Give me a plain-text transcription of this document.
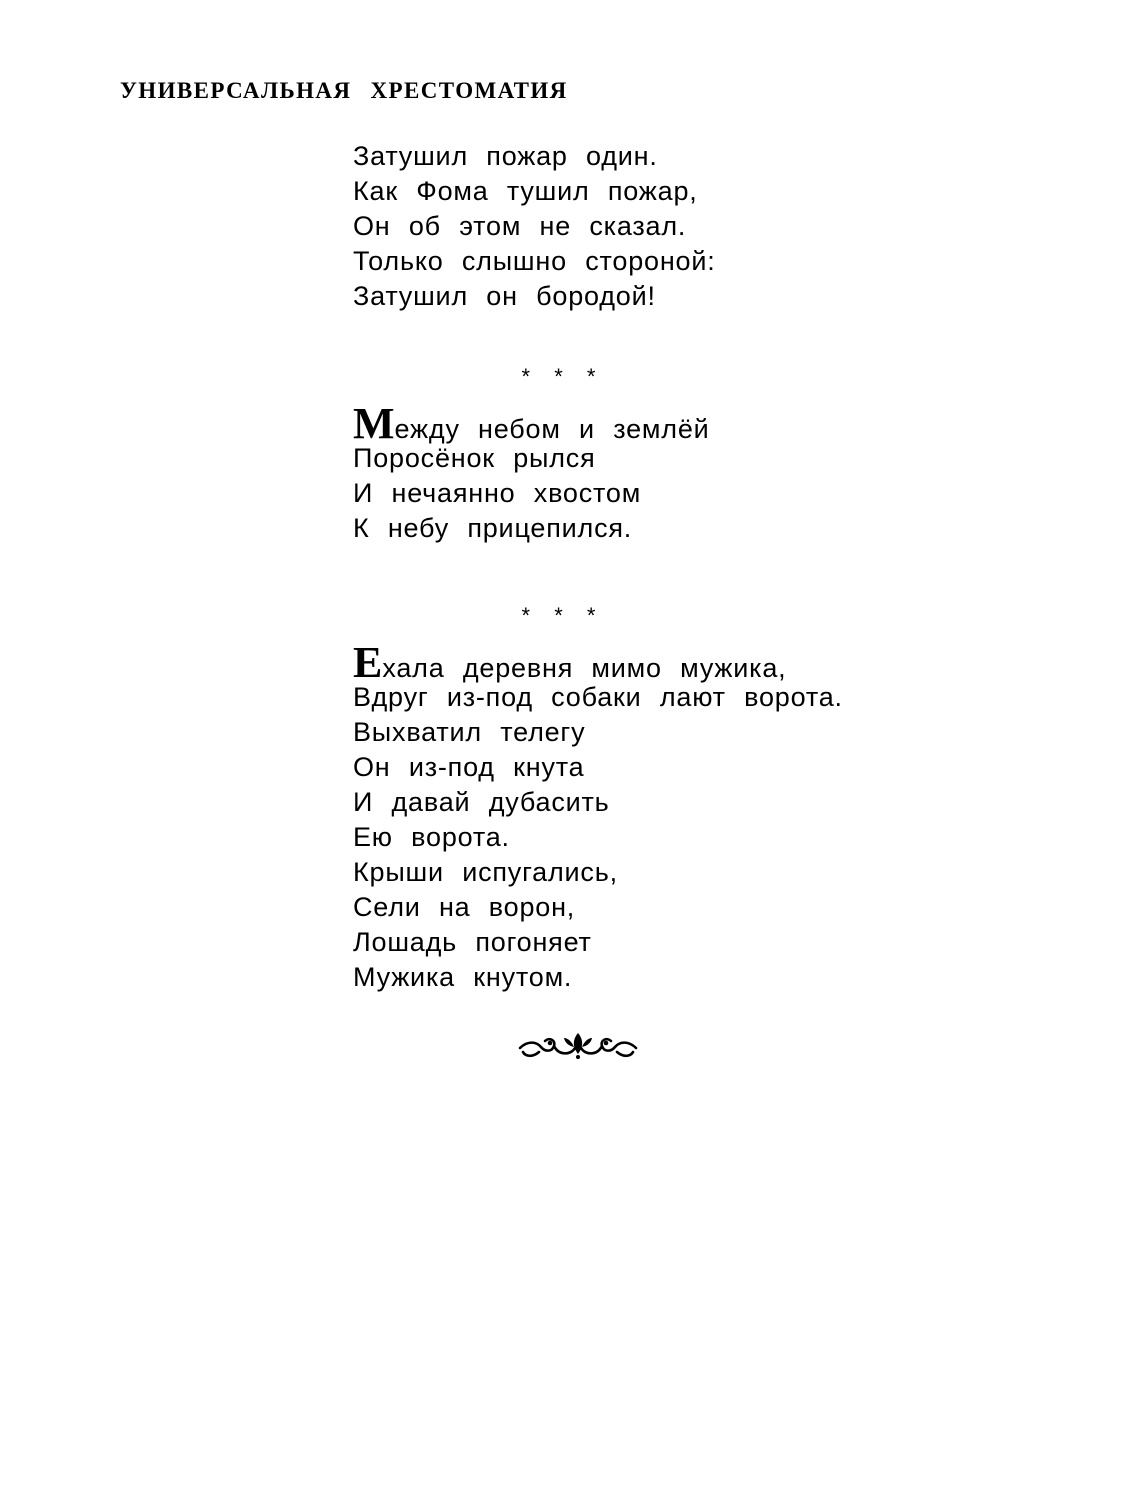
УНИВЕРСАЛЬНАЯ ХРЕСТОМАТИЯ
Затушил пожар один.
Как Фома тушил пожар,
Он об этом не сказал.
Только слышно стороной:
Затушил он бородой!
* * *
Между небом и землёй
Поросёнок рылся
И нечаянно хвостом
К небу прицепился.
* * *
Ехала деревня мимо мужика,
Вдруг из-под собаки лают ворота.
Выхватил телегу
Он из-под кнута
И давай дубасить
Ею ворота.
Крыши испугались,
Сели на ворон,
Лошадь погоняет
Мужика кнутом.
